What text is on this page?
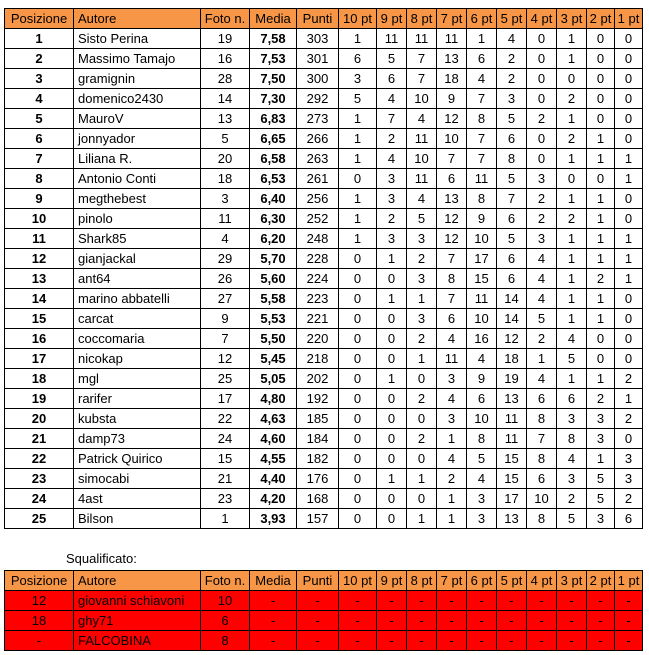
Posizione	Autore	Foto n.	Media	Punti	10 pt	9 pt	8 pt	7 pt	6 pt	5 pt	4 pt	3 pt	2 pt	1 pt
1	Sisto Perina	19	7,58	303	1	11	11	11	1	4	0	1	0	0
2	Massimo Tamajo	16	7,53	301	6	5	7	13	6	2	0	1	0	0
3	gramignin	28	7,50	300	3	6	7	18	4	2	0	0	0	0
4	domenico2430	14	7,30	292	5	4	10	9	7	3	0	2	0	0
5	MauroV	13	6,83	273	1	7	4	12	8	5	2	1	0	0
6	jonnyador	5	6,65	266	1	2	11	10	7	6	0	2	1	0
7	Liliana R.	20	6,58	263	1	4	10	7	7	8	0	1	1	1
8	Antonio Conti	18	6,53	261	0	3	11	6	11	5	3	0	0	1
9	megthebest	3	6,40	256	1	3	4	13	8	7	2	1	1	0
10	pinolo	11	6,30	252	1	2	5	12	9	6	2	2	1	0
11	Shark85	4	6,20	248	1	3	3	12	10	5	3	1	1	1
12	gianjackal	29	5,70	228	0	1	2	7	17	6	4	1	1	1
13	ant64	26	5,60	224	0	0	3	8	15	6	4	1	2	1
14	marino abbatelli	27	5,58	223	0	1	1	7	11	14	4	1	1	0
15	carcat	9	5,53	221	0	0	3	6	10	14	5	1	1	0
16	coccomaria	7	5,50	220	0	0	2	4	16	12	2	4	0	0
17	nicokap	12	5,45	218	0	0	1	11	4	18	1	5	0	0
18	mgl	25	5,05	202	0	1	0	3	9	19	4	1	1	2
19	rarifer	17	4,80	192	0	0	2	4	6	13	6	6	2	1
20	kubsta	22	4,63	185	0	0	0	3	10	11	8	3	3	2
21	damp73	24	4,60	184	0	0	2	1	8	11	7	8	3	0
22	Patrick Quirico	15	4,55	182	0	0	0	4	5	15	8	4	1	3
23	simocabi	21	4,40	176	0	1	1	2	4	15	6	3	5	3
24	4ast	23	4,20	168	0	0	0	1	3	17	10	2	5	2
25	Bilson	1	3,93	157	0	0	1	1	3	13	8	5	3	6
Squalificato:
Posizione	Autore	Foto n.	Media	Punti	10 pt	9 pt	8 pt	7 pt	6 pt	5 pt	4 pt	3 pt	2 pt	1 pt
12	giovanni schiavoni	10	-	-	-	-	-	-	-	-	-	-	-	-
18	ghy71	6	-	-	-	-	-	-	-	-	-	-	-	-
-	FALCOBINA	8	-	-	-	-	-	-	-	-	-	-	-	-
